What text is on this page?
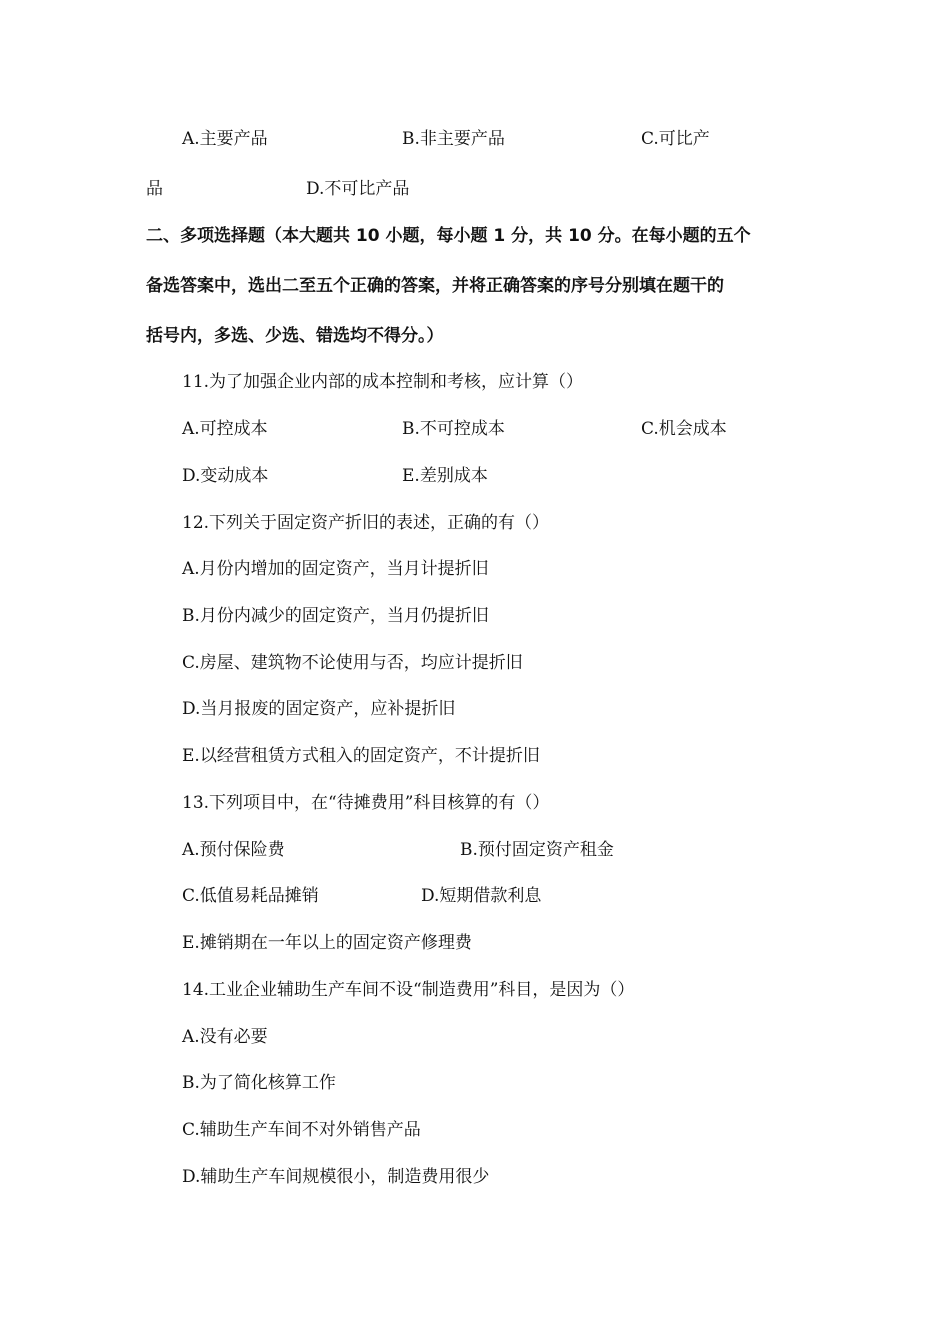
A.主要产品	B.非主要产品	C.可比产
品	D.不可比产品
二、多项选择题（本大题共 10 小题，每小题 1 分，共 10 分。在每小题的五个
备选答案中，选出二至五个正确的答案，并将正确答案的序号分别填在题干的
括号内，多选、少选、错选均不得分。）
11.为了加强企业内部的成本控制和考核，应计算（）
A.可控成本	B.不可控成本	C.机会成本
D.变动成本	E.差别成本
12.下列关于固定资产折旧的表述，正确的有（）
A.月份内增加的固定资产，当月计提折旧
B.月份内减少的固定资产，当月仍提折旧
C.房屋、建筑物不论使用与否，均应计提折旧
D.当月报废的固定资产，应补提折旧
E.以经营租赁方式租入的固定资产，不计提折旧
13.下列项目中，在“待摊费用”科目核算的有（）
A.预付保险费	B.预付固定资产租金
C.低值易耗品摊销	D.短期借款利息
E.摊销期在一年以上的固定资产修理费
14.工业企业辅助生产车间不设“制造费用”科目，是因为（）
A.没有必要
B.为了简化核算工作
C.辅助生产车间不对外销售产品
D.辅助生产车间规模很小，制造费用很少
